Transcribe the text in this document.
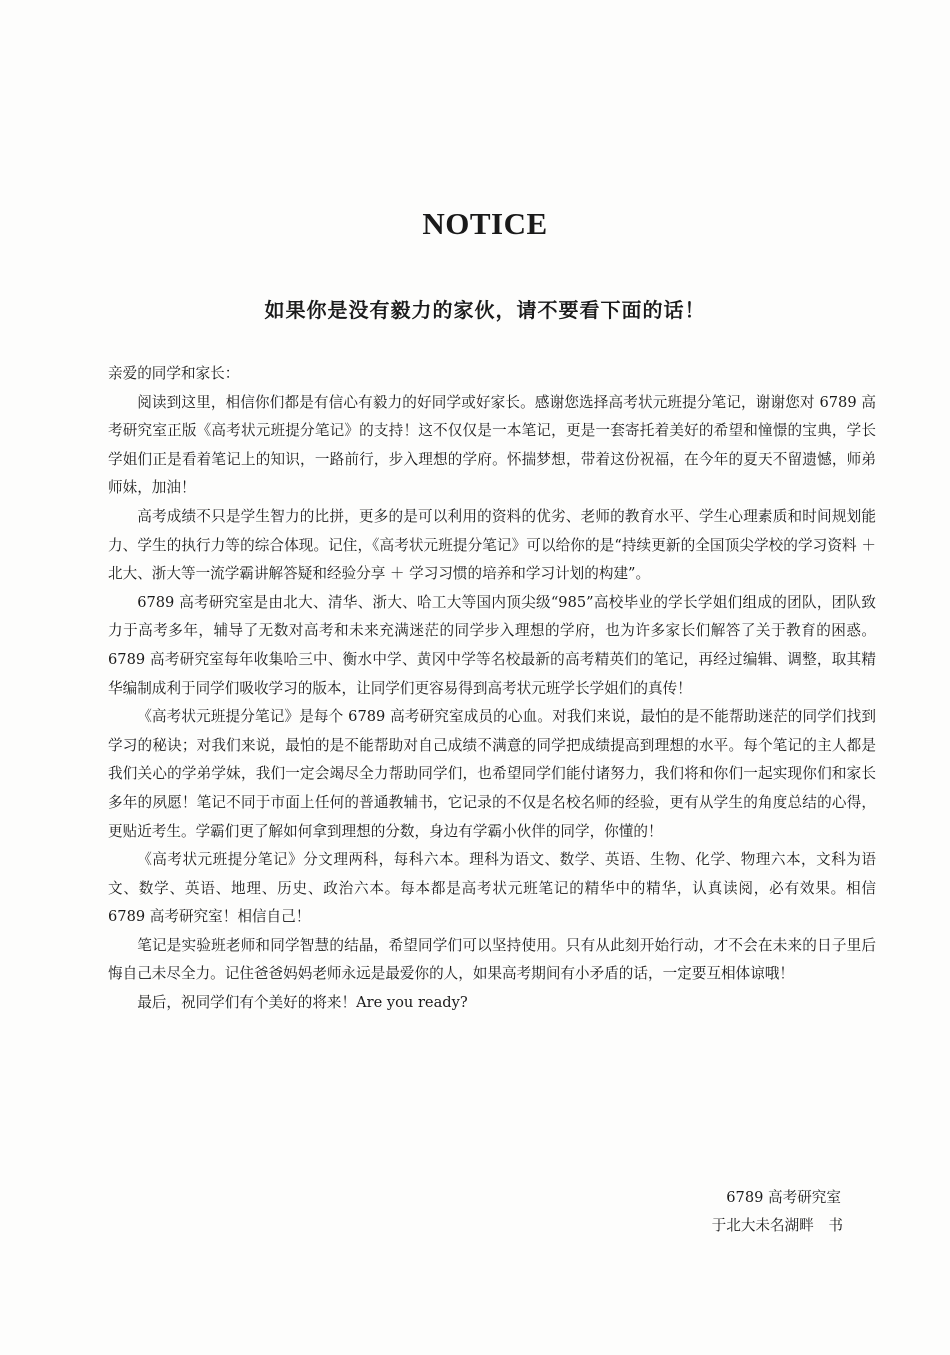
NOTICE
如果你是没有毅力的家伙，请不要看下面的话！

亲爱的同学和家长：

阅读到这里，相信你们都是有信心有毅力的好同学或好家长。感谢您选择高考状元班提分笔记，谢谢您对 6789 高考研究室正版《高考状元班提分笔记》的支持！这不仅仅是一本笔记，更是一套寄托着美好的希望和憧憬的宝典，学长学姐们正是看着笔记上的知识，一路前行，步入理想的学府。怀揣梦想，带着这份祝福，在今年的夏天不留遗憾，师弟师妹，加油！

高考成绩不只是学生智力的比拼，更多的是可以利用的资料的优劣、老师的教育水平、学生心理素质和时间规划能力、学生的执行力等的综合体现。记住，《高考状元班提分笔记》可以给你的是“持续更新的全国顶尖学校的学习资料 ＋ 北大、浙大等一流学霸讲解答疑和经验分享 ＋ 学习习惯的培养和学习计划的构建”。

6789 高考研究室是由北大、清华、浙大、哈工大等国内顶尖级“985”高校毕业的学长学姐们组成的团队，团队致力于高考多年，辅导了无数对高考和未来充满迷茫的同学步入理想的学府，也为许多家长们解答了关于教育的困惑。6789 高考研究室每年收集哈三中、衡水中学、黄冈中学等名校最新的高考精英们的笔记，再经过编辑、调整，取其精华编制成利于同学们吸收学习的版本，让同学们更容易得到高考状元班学长学姐们的真传！

《高考状元班提分笔记》是每个 6789 高考研究室成员的心血。对我们来说，最怕的是不能帮助迷茫的同学们找到学习的秘诀；对我们来说，最怕的是不能帮助对自己成绩不满意的同学把成绩提高到理想的水平。每个笔记的主人都是我们关心的学弟学妹，我们一定会竭尽全力帮助同学们，也希望同学们能付诸努力，我们将和你们一起实现你们和家长多年的夙愿！笔记不同于市面上任何的普通教辅书，它记录的不仅是名校名师的经验，更有从学生的角度总结的心得，更贴近考生。学霸们更了解如何拿到理想的分数，身边有学霸小伙伴的同学，你懂的！

《高考状元班提分笔记》分文理两科，每科六本。理科为语文、数学、英语、生物、化学、物理六本，文科为语文、数学、英语、地理、历史、政治六本。每本都是高考状元班笔记的精华中的精华，认真读阅，必有效果。相信 6789 高考研究室！相信自己！

笔记是实验班老师和同学智慧的结晶，希望同学们可以坚持使用。只有从此刻开始行动，才不会在未来的日子里后悔自己未尽全力。记住爸爸妈妈老师永远是最爱你的人，如果高考期间有小矛盾的话，一定要互相体谅哦！

最后，祝同学们有个美好的将来！Are you ready?

6789 高考研究室
于北大未名湖畔　书
